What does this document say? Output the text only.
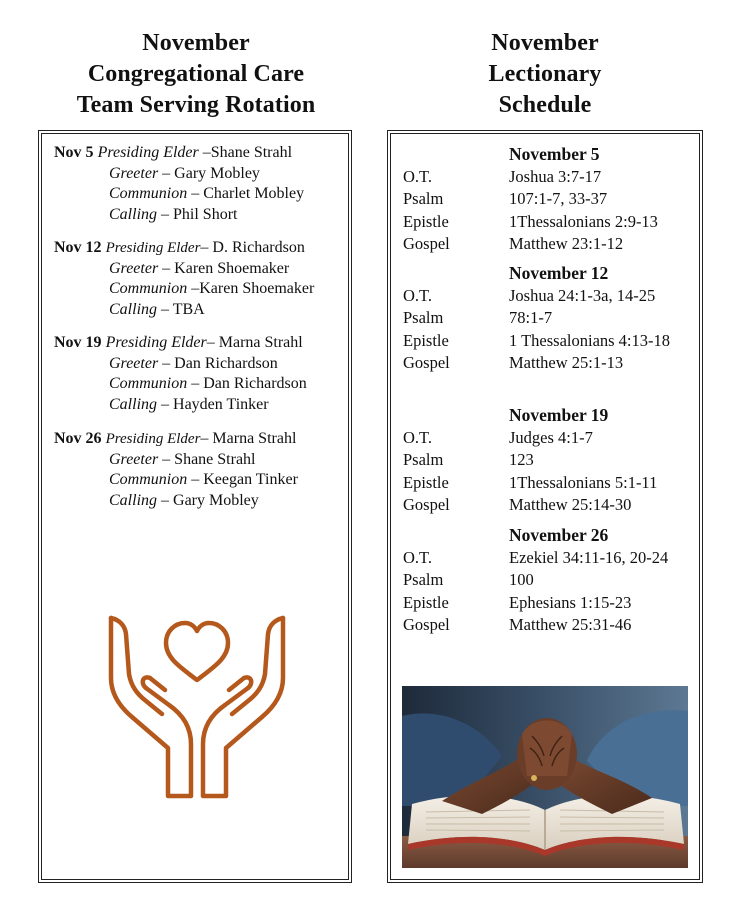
November
Congregational Care
Team Serving Rotation
November
Lectionary
Schedule
Nov 5 Presiding Elder –Shane Strahl
Greeter – Gary Mobley
Communion – Charlet Mobley
Calling – Phil Short
Nov 12 Presiding Elder– D. Richardson
Greeter – Karen Shoemaker
Communion –Karen Shoemaker
Calling – TBA
Nov 19 Presiding Elder– Marna Strahl
Greeter – Dan Richardson
Communion – Dan Richardson
Calling – Hayden Tinker
Nov 26 Presiding Elder– Marna Strahl
Greeter – Shane Strahl
Communion – Keegan Tinker
Calling – Gary Mobley
November 5
O.T.	Joshua 3:7-17
Psalm	107:1-7, 33-37
Epistle	1Thessalonians 2:9-13
Gospel	Matthew 23:1-12
November 12
O.T.	Joshua 24:1-3a, 14-25
Psalm	78:1-7
Epistle	1 Thessalonians 4:13-18
Gospel	Matthew 25:1-13
November 19
O.T.	Judges 4:1-7
Psalm	123
Epistle	1Thessalonians 5:1-11
Gospel	Matthew 25:14-30
November 26
O.T.	Ezekiel 34:11-16, 20-24
Psalm	100
Epistle	Ephesians 1:15-23
Gospel	Matthew 25:31-46
